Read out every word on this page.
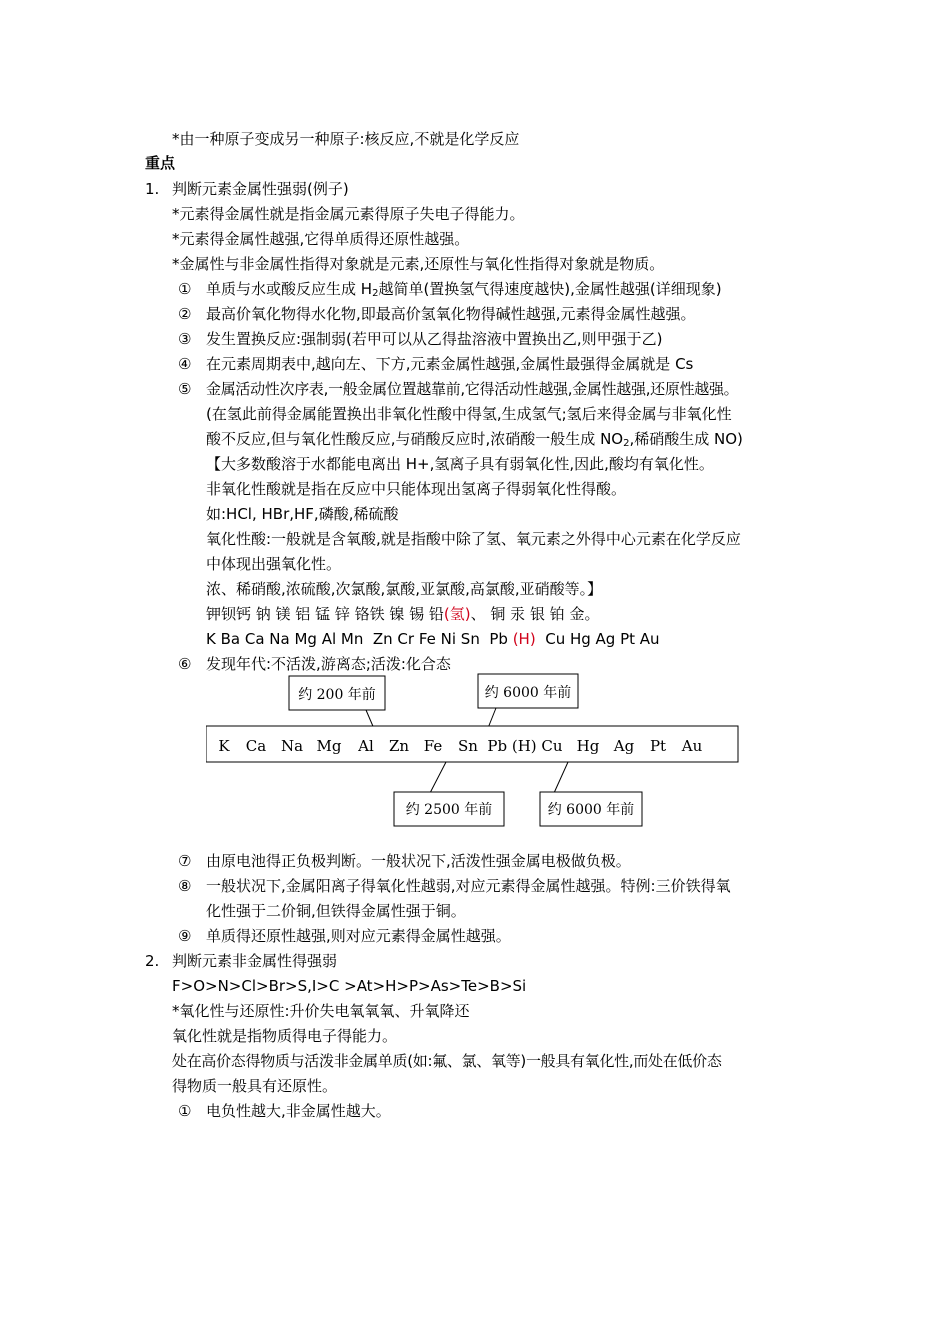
*由一种原子变成另一种原子:核反应,不就是化学反应
重点
1. 判断元素金属性强弱(例子)
*元素得金属性就是指金属元素得原子失电子得能力。
*元素得金属性越强,它得单质得还原性越强。
*金属性与非金属性指得对象就是元素,还原性与氧化性指得对象就是物质。
① 单质与水或酸反应生成 $H_2$越简单(置换氢气得速度越快),金属性越强(详细现象)
② 最高价氧化物得水化物,即最高价氢氧化物得碱性越强,元素得金属性越强。
③ 发生置换反应:强制弱(若甲可以从乙得盐溶液中置换出乙,则甲强于乙)
④ 在元素周期表中,越向左、下方,元素金属性越强,金属性最强得金属就是 Cs
⑤ 金属活动性次序表,一般金属位置越靠前,它得活动性越强,金属性越强,还原性越强。
(在氢此前得金属能置换出非氧化性酸中得氢,生成氢气;氢后来得金属与非氧化性
酸不反应,但与氧化性酸反应,与硝酸反应时,浓硝酸一般生成 $NO_2$,稀硝酸生成 NO)
【大多数酸溶于水都能电离出 H+,氢离子具有弱氧化性,因此,酸均有氧化性。
非氧化性酸就是指在反应中只能体现出氢离子得弱氧化性得酸。
如:HCl, HBr,HF,磷酸,稀硫酸
氧化性酸:一般就是含氧酸,就是指酸中除了氢、氧元素之外得中心元素在化学反应
中体现出强氧化性。
浓、稀硝酸,浓硫酸,次氯酸,氯酸,亚氯酸,高氯酸,亚硝酸等。】
钾钡钙 钠 镁 铝 锰 锌 铬铁 镍 锡 铅(氢)、 铜 汞 银 铂 金。
K Ba Ca Na Mg Al Mn  Zn Cr Fe Ni Sn  Pb (H)  Cu Hg Ag Pt Au
⑥ 发现年代:不活泼,游离态;活泼:化合态
约 200 年前	约 6000 年前
K Ca Na Mg Al Zn Fe Sn Pb (H) Cu Hg Ag Pt Au
约 2500 年前	约 6000 年前
⑦ 由原电池得正负极判断。一般状况下,活泼性强金属电极做负极。
⑧ 一般状况下,金属阳离子得氧化性越弱,对应元素得金属性越强。特例:三价铁得氧
化性强于二价铜,但铁得金属性强于铜。
⑨ 单质得还原性越强,则对应元素得金属性越强。
2. 判断元素非金属性得强弱
F>O>N>Cl>Br>S,I>C >At>H>P>As>Te>B>Si
*氧化性与还原性:升价失电氧氧氧、升氧降还
氧化性就是指物质得电子得能力。
处在高价态得物质与活泼非金属单质(如:氟、氯、氧等)一般具有氧化性,而处在低价态
得物质一般具有还原性。
① 电负性越大,非金属性越大。
